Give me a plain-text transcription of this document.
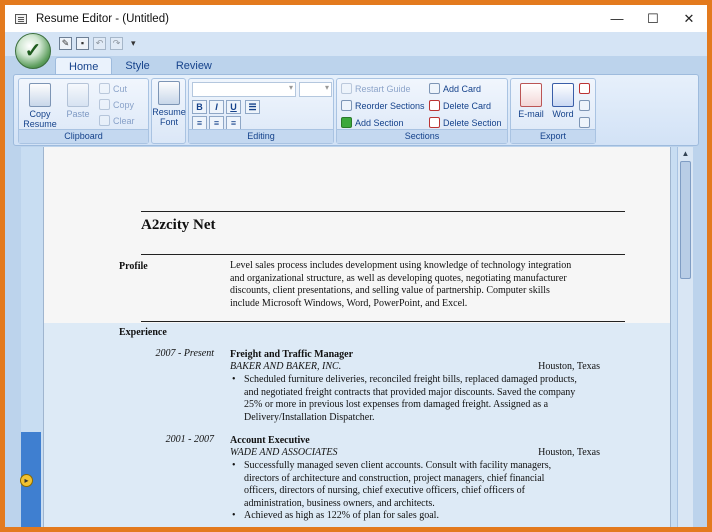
Resume Editor - (Untitled)	—	☐	✕
✓	✎	▪	↶	↷	▾
Home	Style	Review
Copy
Resume
Paste
Cut
Copy
Clear
Clipboard
Resume
Font
▾
▾
B	I	U	☰
≡	≡	≡
Editing
Restart Guide
Reorder Sections
Add Section
Add Card
Delete Card
Delete Section
Sections
E-mail Word
Export
A2zcity Net
Profile	Level sales process includes development using knowledge of technology integration
and organizational structure, as well as developing quotes, negotiating manufacturer
discounts, client presentations, and selling value of partnership. Computer skills
include Microsoft Windows, Word, PowerPoint, and Excel.
Experience
2007 - Present Freight and Traffic Manager
BAKER AND BAKER, INC.	Houston, Texas
• Scheduled furniture deliveries, reconciled freight bills, replaced damaged products,
and negotiated freight contracts that provided major discounts. Saved the company
25% or more in previous lost expenses from damaged freight. Assigned as a
Delivery/Installation Dispatcher.
2001 - 2007 Account Executive
WADE AND ASSOCIATES	Houston, Texas
• Successfully managed seven client accounts. Consult with facility managers,
directors of architecture and construction, project managers, chief financial
officers, directors of nursing, chief executive officers, chief officers of
administration, business owners, and architects.
• Achieved as high as 122% of plan for sales goal.
▲
▸
